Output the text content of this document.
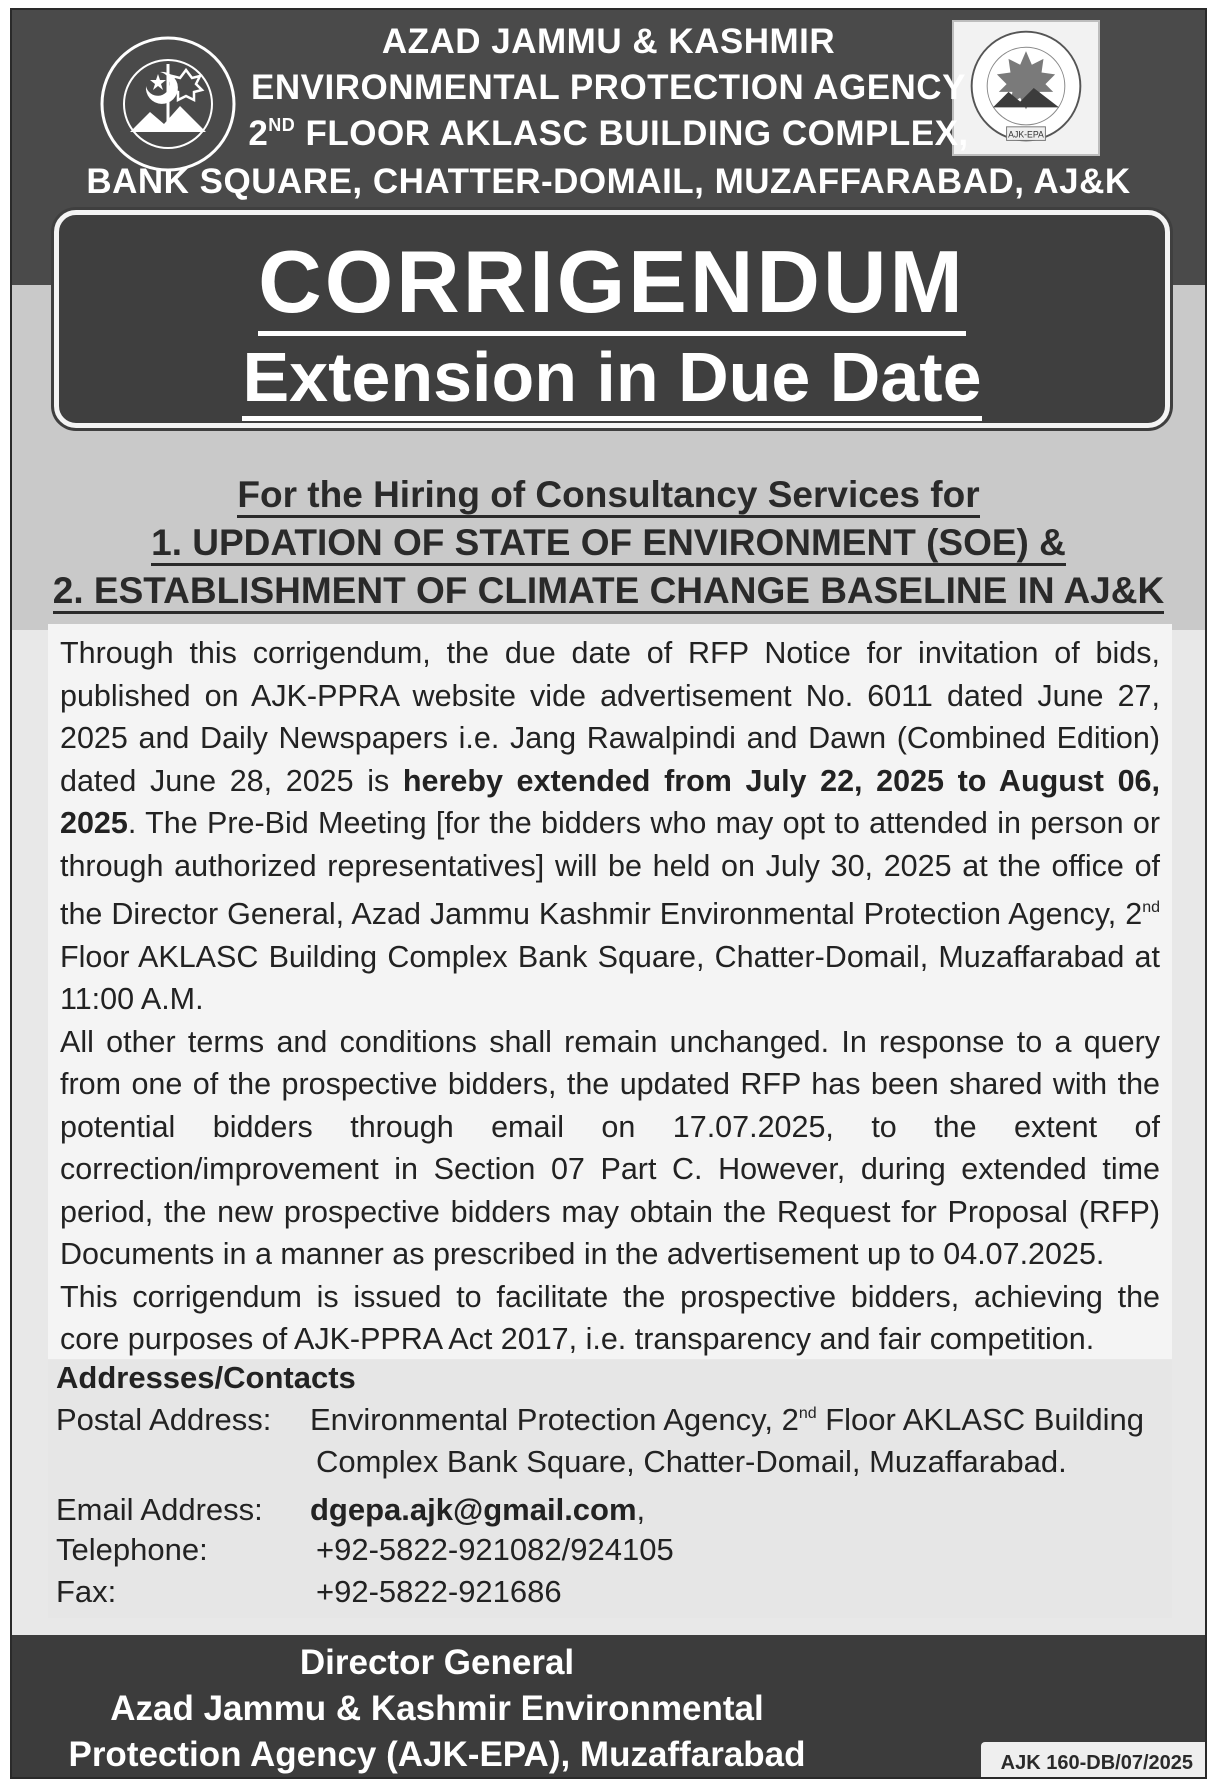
AJK-EPA
AZAD JAMMU & KASHMIR
ENVIRONMENTAL PROTECTION AGENCY
2ND FLOOR AKLASC BUILDING COMPLEX,
BANK SQUARE, CHATTER-DOMAIL, MUZAFFARABAD, AJ&K
CORRIGENDUM
Extension in Due Date
For the Hiring of Consultancy Services for
1. UPDATION OF STATE OF ENVIRONMENT (SOE) &
2. ESTABLISHMENT OF CLIMATE CHANGE BASELINE IN AJ&K

Through this corrigendum, the due date of RFP Notice for invitation of bids, published on AJK-PPRA website vide advertisement No. 6011 dated June 27, 2025 and Daily Newspapers i.e. Jang Rawalpindi and Dawn (Combined Edition) dated June 28, 2025 is hereby extended from July 22, 2025 to August 06, 2025. The Pre-Bid Meeting [for the bidders who may opt to attended in person or through authorized representatives] will be held on July 30, 2025 at the office of the Director General, Azad Jammu Kashmir Environmental Protection Agency, 2nd Floor AKLASC Building Complex Bank Square, Chatter-Domail, Muzaffarabad at 11:00 A.M.

All other terms and conditions shall remain unchanged. In response to a query from one of the prospective bidders, the updated RFP has been shared with the potential bidders through email on 17.07.2025, to the extent of correction/improvement in Section 07 Part C. However, during extended time period, the new prospective bidders may obtain the Request for Proposal (RFP) Documents in a manner as prescribed in the advertisement up to 04.07.2025.

This corrigendum is issued to facilitate the prospective bidders, achieving the core purposes of AJK-PPRA Act 2017, i.e. transparency and fair competition.

Addresses/Contacts
Postal Address: Environmental Protection Agency, 2nd Floor AKLASC Building
Complex Bank Square, Chatter-Domail, Muzaffarabad.
Email Address: dgepa.ajk@gmail.com,
Telephone:	+92-5822-921082/924105
Fax:	+92-5822-921686
Director General
Azad Jammu & Kashmir Environmental
Protection Agency (AJK-EPA), Muzaffarabad	AJK 160-DB/07/2025
